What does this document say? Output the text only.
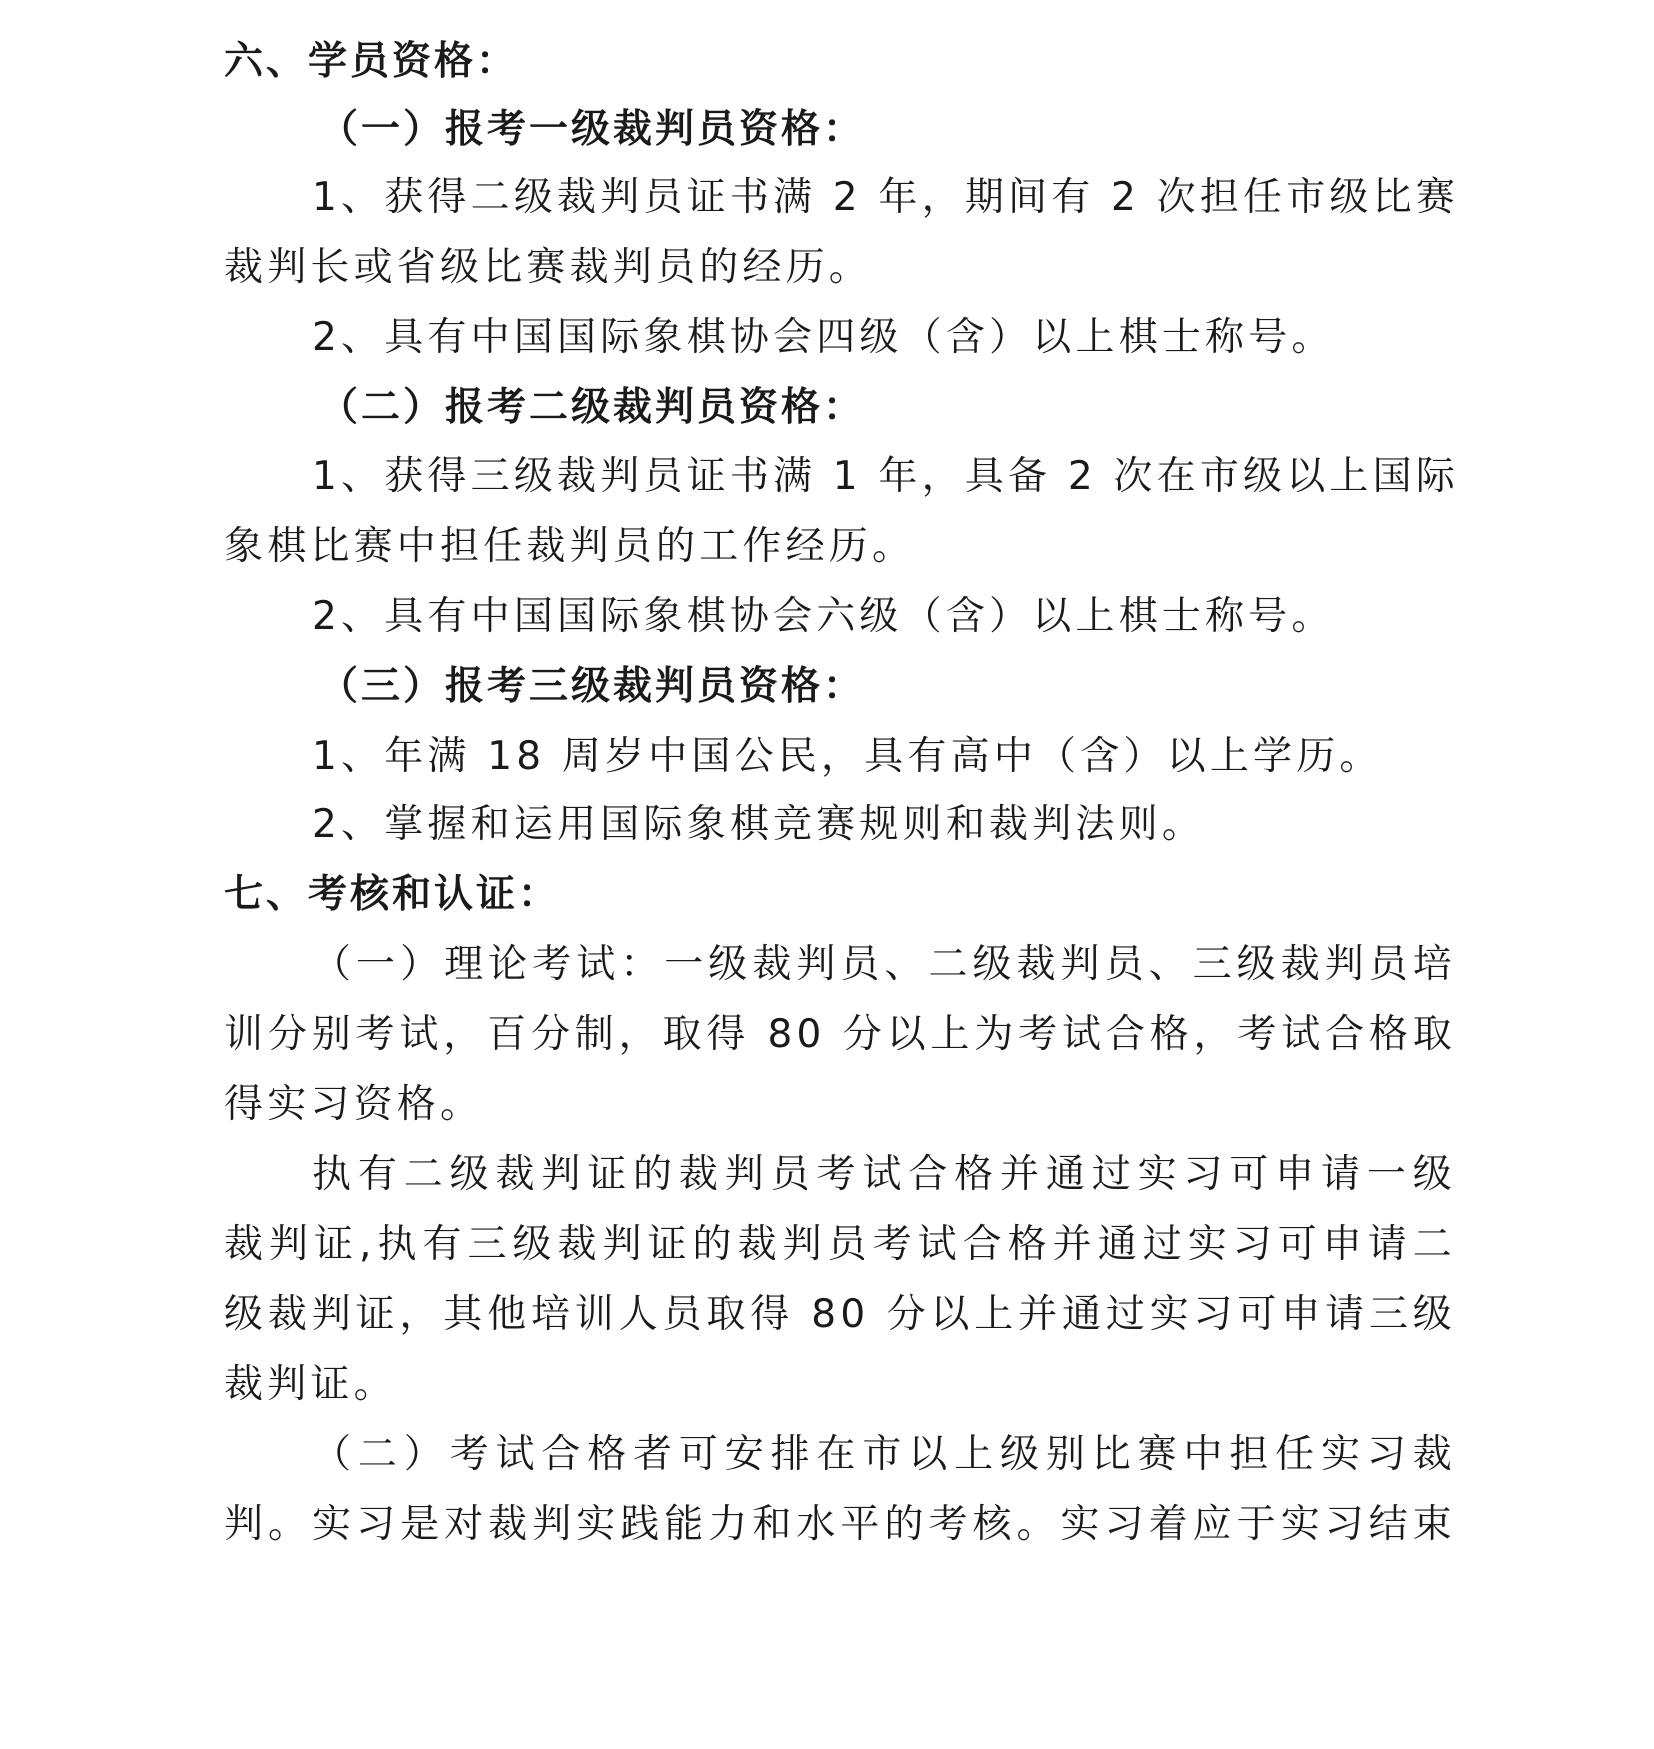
六、学员资格：
（一）报考一级裁判员资格：
1、获得二级裁判员证书满 2 年，期间有 2 次担任市级比赛
裁判长或省级比赛裁判员的经历。
2、具有中国国际象棋协会四级（含）以上棋士称号。
（二）报考二级裁判员资格：
1、获得三级裁判员证书满 1 年，具备 2 次在市级以上国际
象棋比赛中担任裁判员的工作经历。
2、具有中国国际象棋协会六级（含）以上棋士称号。
（三）报考三级裁判员资格：
1、年满 18 周岁中国公民，具有高中（含）以上学历。
2、掌握和运用国际象棋竞赛规则和裁判法则。
七、考核和认证：
（一）理论考试：一级裁判员、二级裁判员、三级裁判员培
训分别考试，百分制，取得 80 分以上为考试合格，考试合格取
得实习资格。
执有二级裁判证的裁判员考试合格并通过实习可申请一级
裁判证,执有三级裁判证的裁判员考试合格并通过实习可申请二
级裁判证，其他培训人员取得 80 分以上并通过实习可申请三级
裁判证。
（二）考试合格者可安排在市以上级别比赛中担任实习裁
判。实习是对裁判实践能力和水平的考核。实习着应于实习结束
